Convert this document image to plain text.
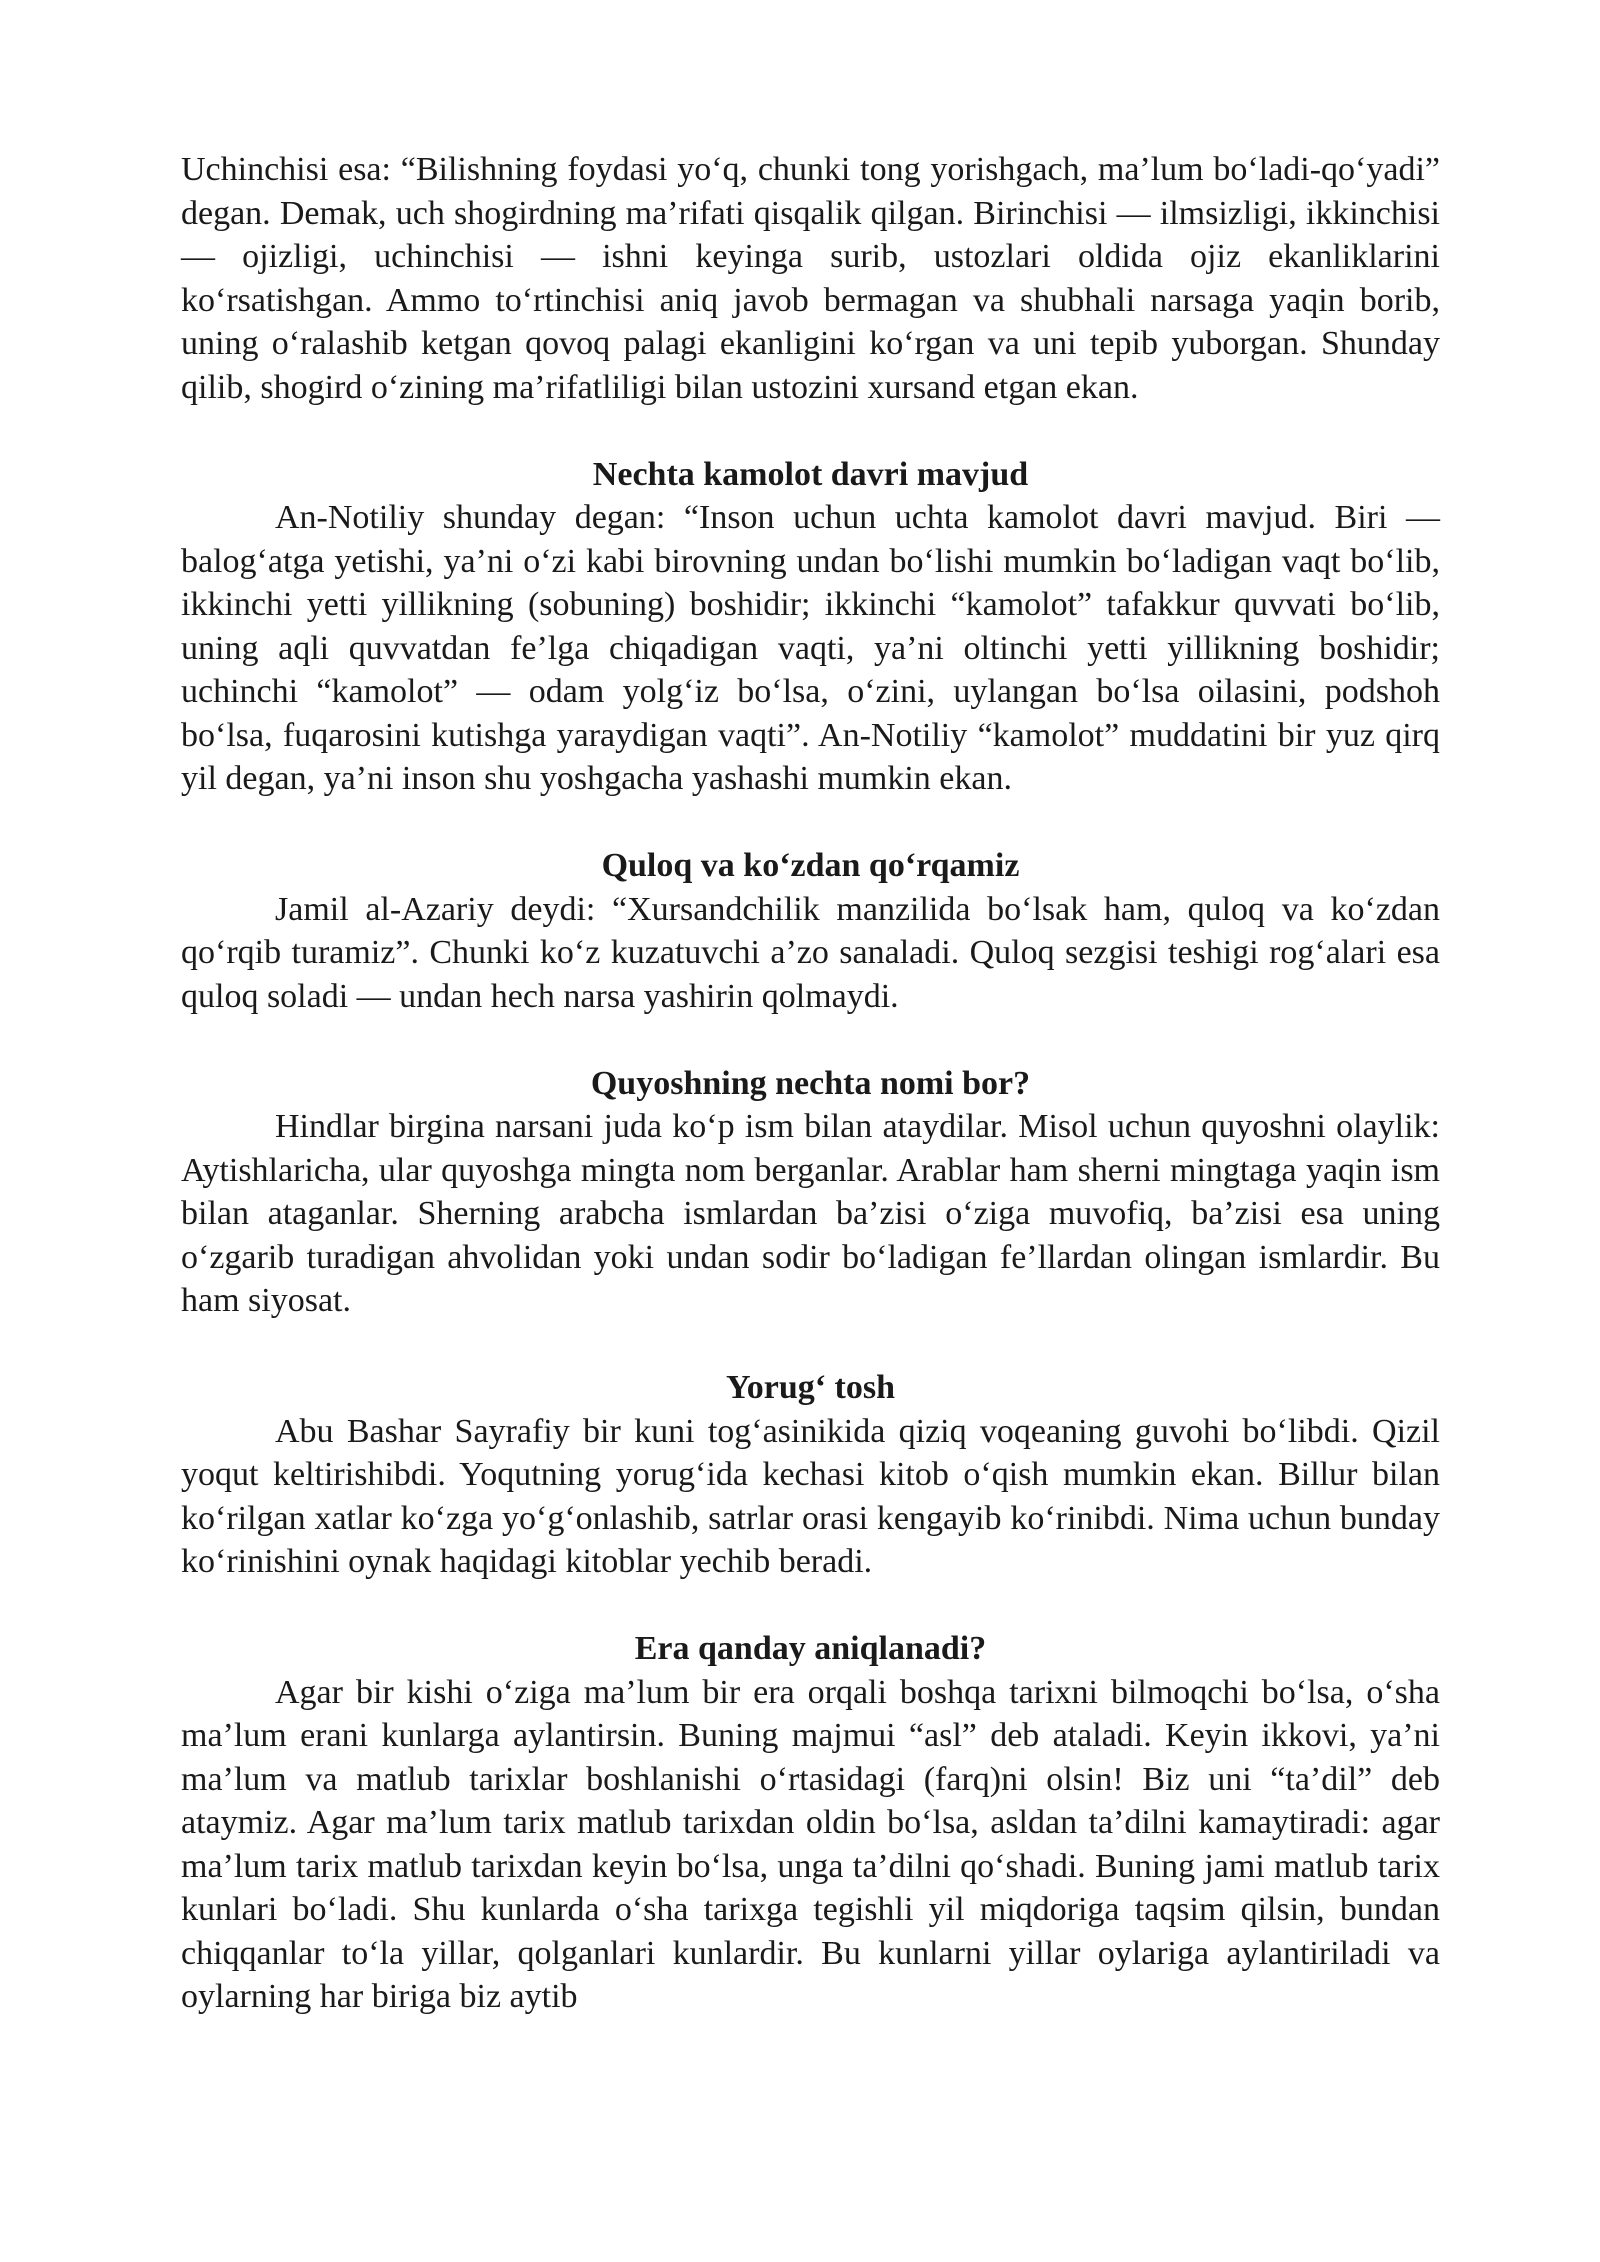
Uchinchisi esa: “Bilishning foydasi yo‘q, chunki tong yorishgach, ma’lum bo‘ladi-qo‘yadi” degan. Demak, uch shogirdning ma’rifati qisqalik qilgan. Birinchisi — ilmsizligi, ikkinchisi — ojizligi, uchinchisi — ishni keyinga surib, ustozlari oldida ojiz ekanliklarini ko‘rsatishgan. Ammo to‘rtinchisi aniq javob bermagan va shubhali narsaga yaqin borib, uning o‘ralashib ketgan qovoq palagi ekanligini ko‘rgan va uni tepib yuborgan. Shunday qilib, shogird o‘zining ma’rifatliligi bilan ustozini xursand etgan ekan.

Nechta kamolot davri mavjud

An-Notiliy shunday degan: “Inson uchun uchta kamolot davri mavjud. Biri — balog‘atga yetishi, ya’ni o‘zi kabi birovning undan bo‘lishi mumkin bo‘ladigan vaqt bo‘lib, ikkinchi yetti yillikning (sobuning) boshidir; ikkinchi “kamolot” tafakkur quvvati bo‘lib, uning aqli quvvatdan fe’lga chiqadigan vaqti, ya’ni oltinchi yetti yillikning boshidir; uchinchi “kamolot” — odam yolg‘iz bo‘lsa, o‘zini, uylangan bo‘lsa oilasini, podshoh bo‘lsa, fuqarosini kutishga yaraydigan vaqti”. An-Notiliy “kamolot” muddatini bir yuz qirq yil degan, ya’ni inson shu yoshgacha yashashi mumkin ekan.

Quloq va ko‘zdan qo‘rqamiz

Jamil al-Azariy deydi: “Xursandchilik manzilida bo‘lsak ham, quloq va ko‘zdan qo‘rqib turamiz”. Chunki ko‘z kuzatuvchi a’zo sanaladi. Quloq sezgisi teshigi rog‘alari esa quloq soladi — undan hech narsa yashirin qolmaydi.

Quyoshning nechta nomi bor?

Hindlar birgina narsani juda ko‘p ism bilan ataydilar. Misol uchun quyoshni olaylik: Aytishlaricha, ular quyoshga mingta nom berganlar. Arablar ham sherni mingtaga yaqin ism bilan ataganlar. Sherning arabcha ismlardan ba’zisi o‘ziga muvofiq, ba’zisi esa uning o‘zgarib turadigan ahvolidan yoki undan sodir bo‘ladigan fe’llardan olingan ismlardir. Bu ham siyosat.

Yorug‘ tosh

Abu Bashar Sayrafiy bir kuni tog‘asinikida qiziq voqeaning guvohi bo‘libdi. Qizil yoqut keltirishibdi. Yoqutning yorug‘ida kechasi kitob o‘qish mumkin ekan. Billur bilan ko‘rilgan xatlar ko‘zga yo‘g‘onlashib, satrlar orasi kengayib ko‘rinibdi. Nima uchun bunday ko‘rinishini oynak haqidagi kitoblar yechib beradi.

Era qanday aniqlanadi?

Agar bir kishi o‘ziga ma’lum bir era orqali boshqa tarixni bilmoqchi bo‘lsa, o‘sha ma’lum erani kunlarga aylantirsin. Buning majmui “asl” deb ataladi. Keyin ikkovi, ya’ni ma’lum va matlub tarixlar boshlanishi o‘rtasidagi (farq)ni olsin! Biz uni “ta’dil” deb ataymiz. Agar ma’lum tarix matlub tarixdan oldin bo‘lsa, asldan ta’dilni kamaytiradi: agar ma’lum tarix matlub tarixdan keyin bo‘lsa, unga ta’dilni qo‘shadi. Buning jami matlub tarix kunlari bo‘ladi. Shu kunlarda o‘sha tarixga tegishli yil miqdoriga taqsim qilsin, bundan chiqqanlar to‘la yillar, qolganlari kunlardir. Bu kunlarni yillar oylariga aylantiriladi va oylarning har biriga biz aytib
